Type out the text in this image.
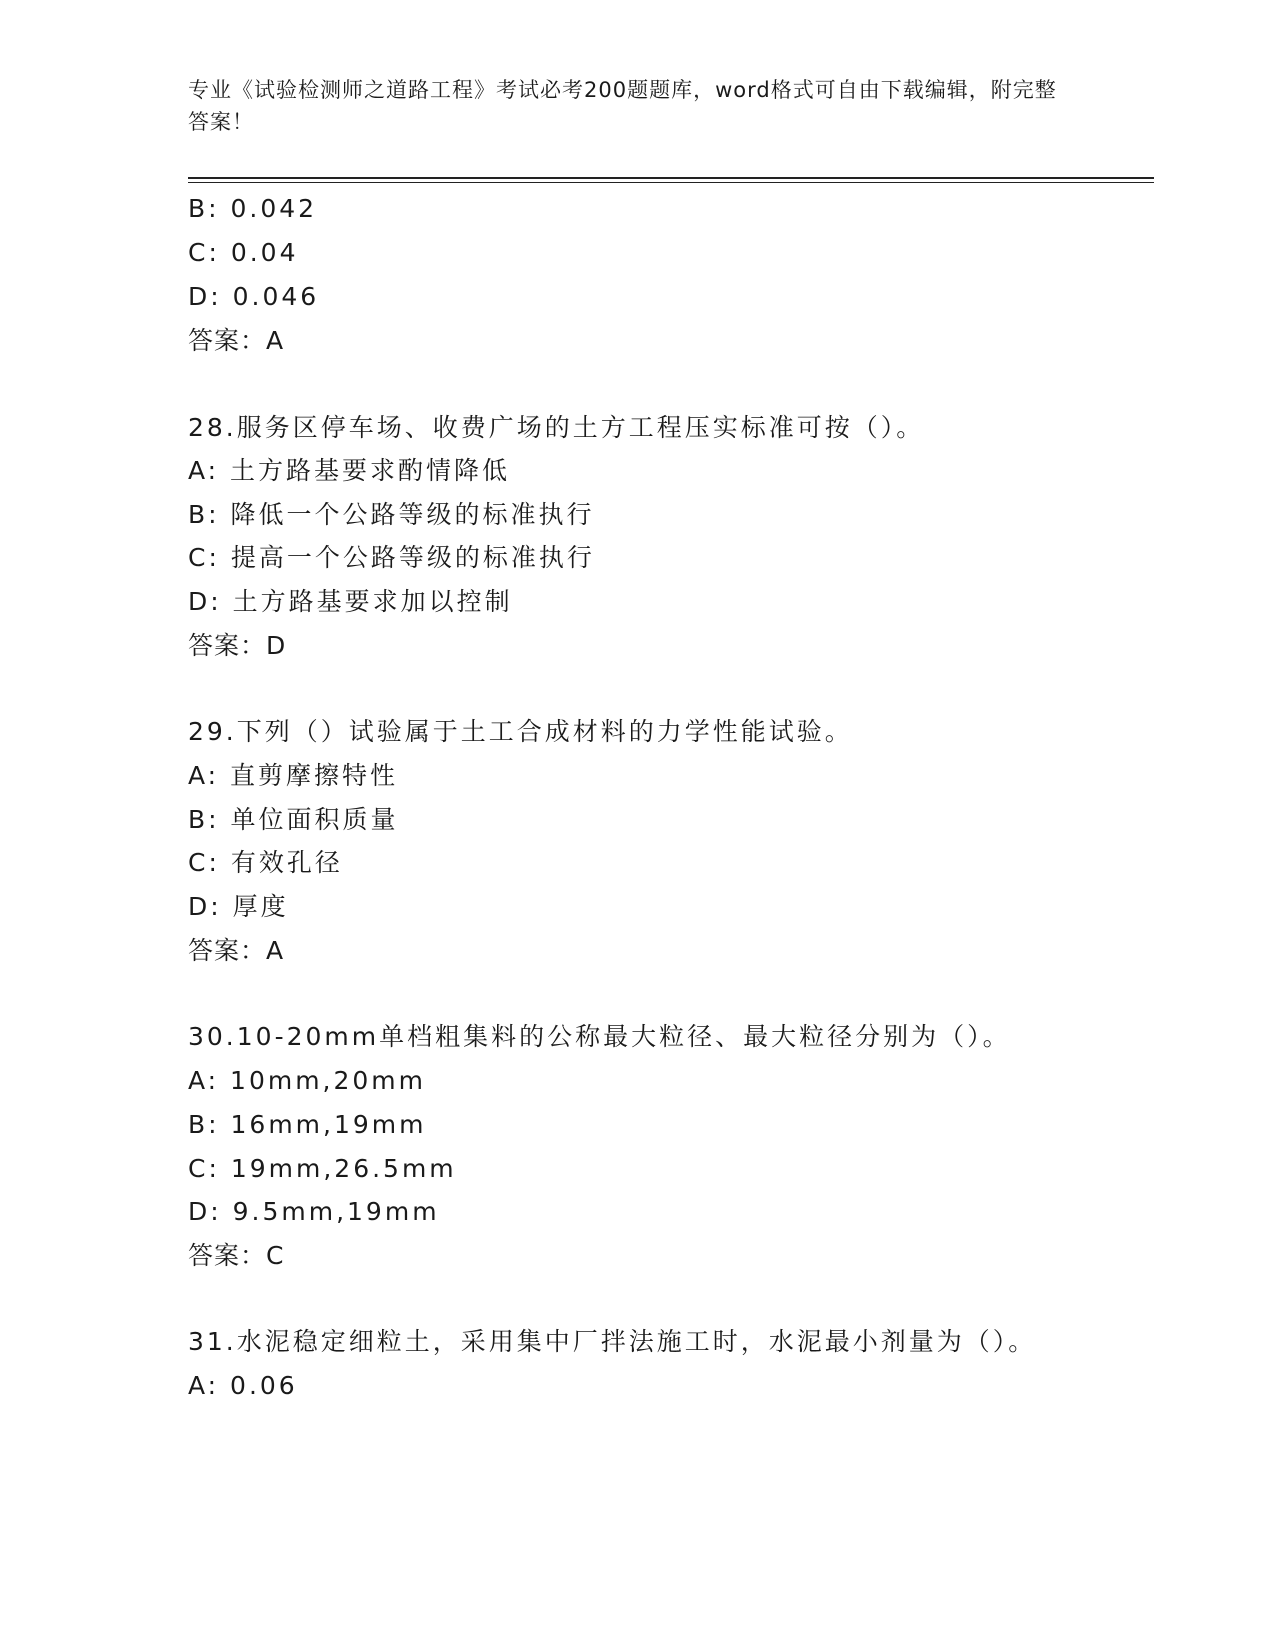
专业《试验检测师之道路工程》考试必考200题题库，word格式可自由下载编辑，附完整答案！
B: 0.042
C: 0.04
D: 0.046
答案：A
28.服务区停车场、收费广场的土方工程压实标准可按（）。
A: 土方路基要求酌情降低
B: 降低一个公路等级的标准执行
C: 提高一个公路等级的标准执行
D: 土方路基要求加以控制
答案：D
29.下列（）试验属于土工合成材料的力学性能试验。
A: 直剪摩擦特性
B: 单位面积质量
C: 有效孔径
D: 厚度
答案：A
30.10-20mm单档粗集料的公称最大粒径、最大粒径分别为（）。
A: 10mm,20mm
B: 16mm,19mm
C: 19mm,26.5mm
D: 9.5mm,19mm
答案：C
31.水泥稳定细粒土，采用集中厂拌法施工时，水泥最小剂量为（）。
A: 0.06
